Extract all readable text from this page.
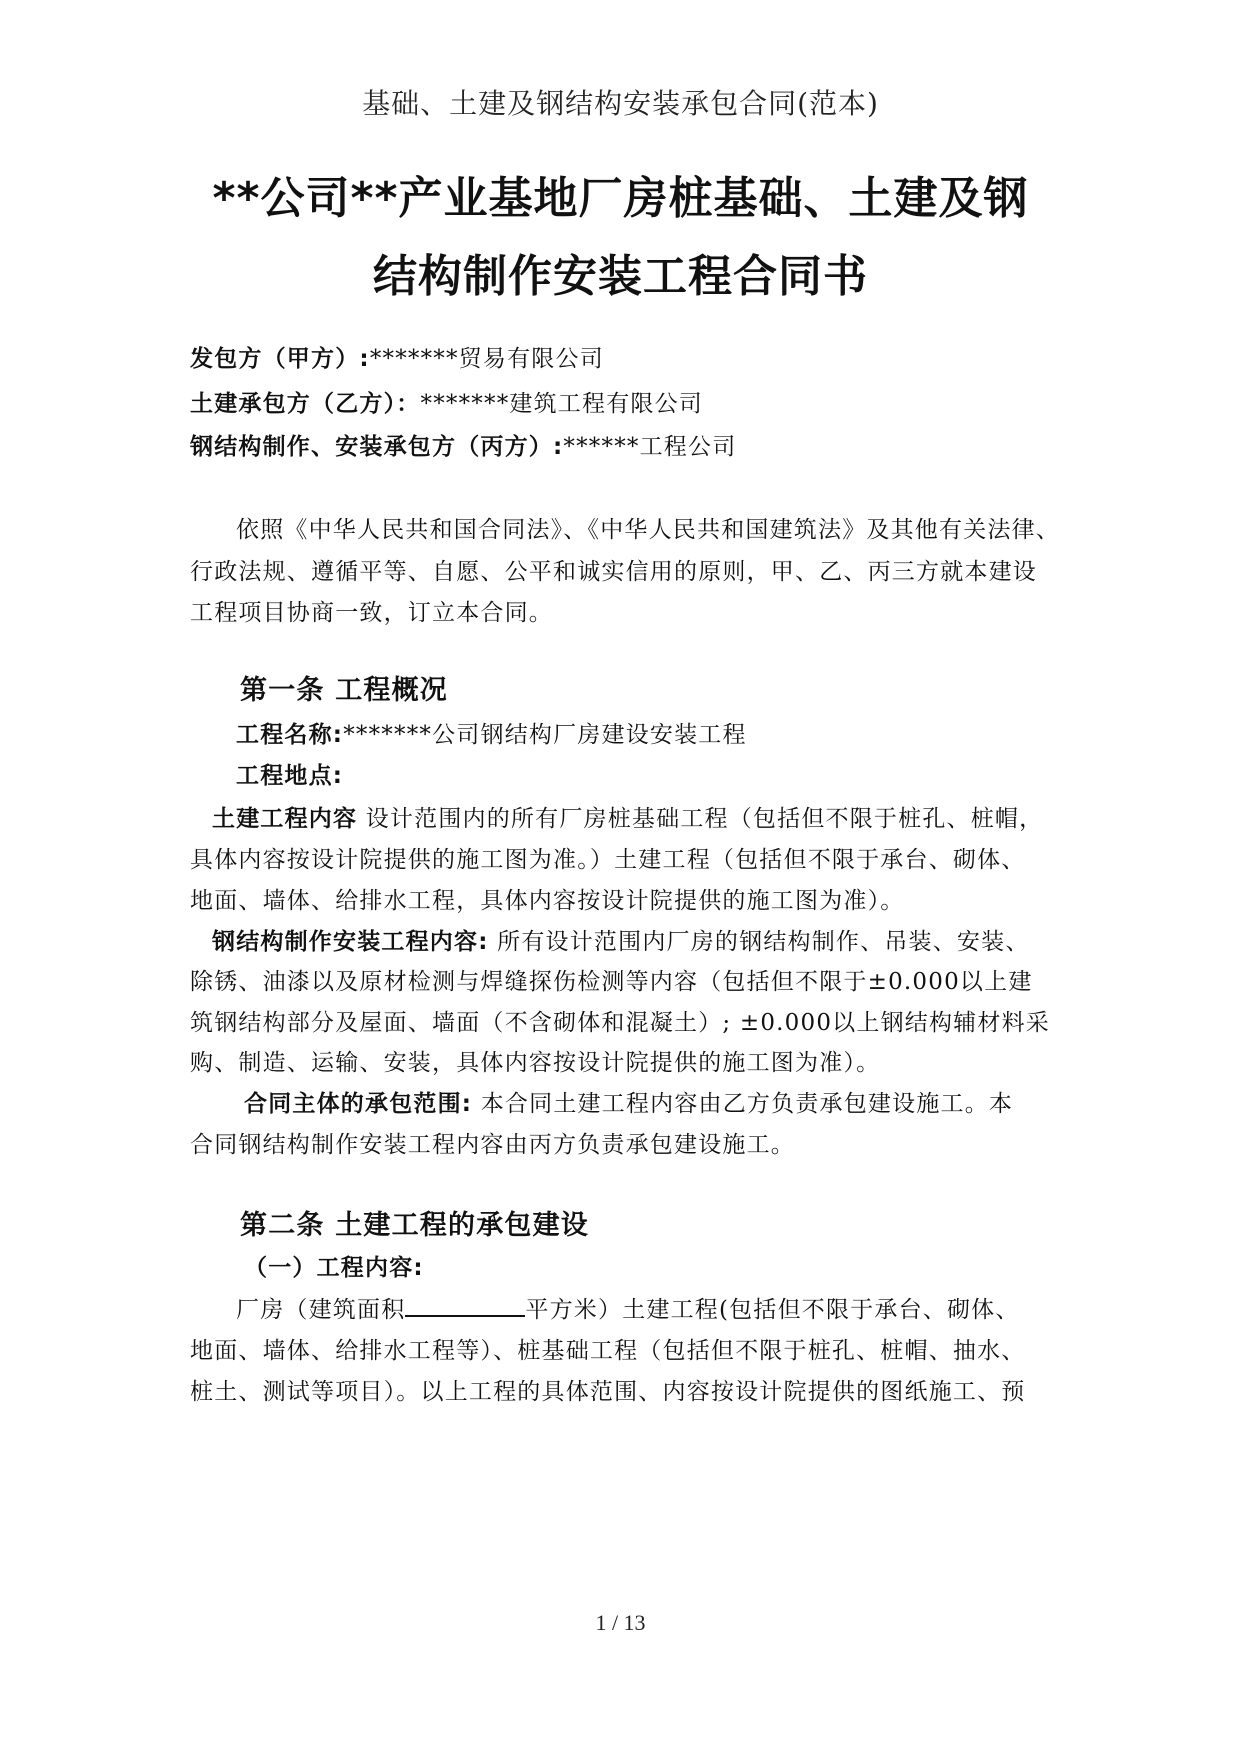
基础、土建及钢结构安装承包合同(范本)
**公司**产业基地厂房桩基础、土建及钢
结构制作安装工程合同书
发包方（甲方）:*******贸易有限公司
土建承包方（乙方）：*******建筑工程有限公司
钢结构制作、安装承包方（丙方）:******工程公司
依照《中华人民共和国合同法》、《中华人民共和国建筑法》及其他有关法律、
行政法规、遵循平等、自愿、公平和诚实信用的原则，甲、乙、丙三方就本建设
工程项目协商一致，订立本合同。
第一条 工程概况
工程名称:*******公司钢结构厂房建设安装工程
工程地点:
土建工程内容 设计范围内的所有厂房桩基础工程（包括但不限于桩孔、桩帽，
具体内容按设计院提供的施工图为准。）土建工程（包括但不限于承台、砌体、
地面、墙体、给排水工程，具体内容按设计院提供的施工图为准）。
钢结构制作安装工程内容: 所有设计范围内厂房的钢结构制作、吊装、安装、
除锈、油漆以及原材检测与焊缝探伤检测等内容（包括但不限于±0.000以上建
筑钢结构部分及屋面、墙面（不含砌体和混凝土）; ±0.000以上钢结构辅材料采
购、制造、运输、安装，具体内容按设计院提供的施工图为准）。
合同主体的承包范围: 本合同土建工程内容由乙方负责承包建设施工。本
合同钢结构制作安装工程内容由丙方负责承包建设施工。
第二条 土建工程的承包建设
（一）工程内容:
厂房（建筑面积	平方米）土建工程(包括但不限于承台、砌体、
地面、墙体、给排水工程等）、桩基础工程（包括但不限于桩孔、桩帽、抽水、
桩土、测试等项目）。以上工程的具体范围、内容按设计院提供的图纸施工、预
1 / 13
